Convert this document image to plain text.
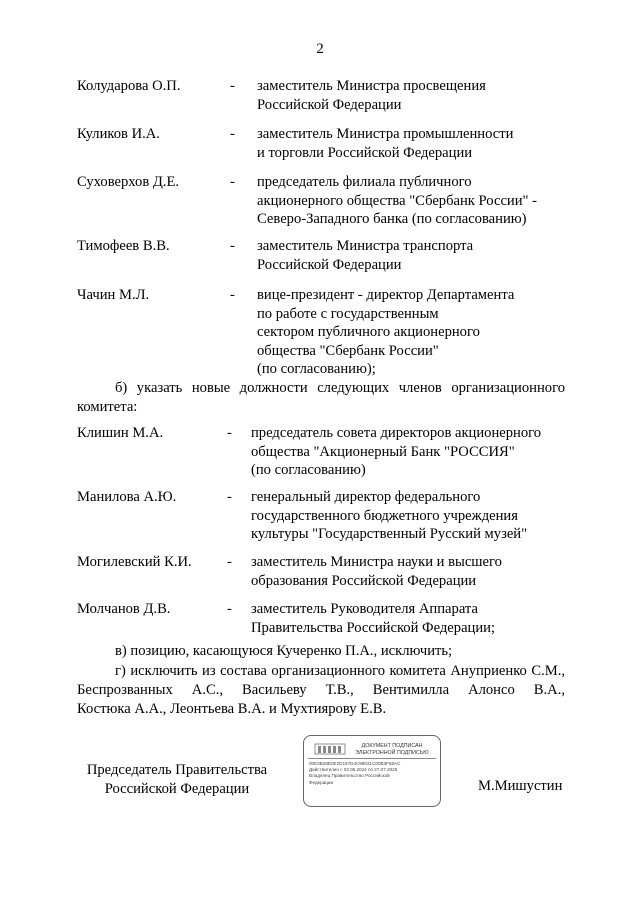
2
Колударова О.П.	- заместитель Министра просвещения
Российской Федерации
Куликов И.А.	- заместитель Министра промышленности
и торговли Российской Федерации
Суховерхов Д.Е.	- председатель филиала публичного
акционерного общества "Сбербанк России" -
Северо-Западного банка (по согласованию)
Тимофеев В.В.	- заместитель Министра транспорта
Российской Федерации
Чачин М.Л.	- вице-президент - директор Департамента
по работе с государственным
сектором публичного акционерного
общества "Сбербанк России"
(по согласованию);
б) указать новые должности следующих членов организационного
комитета:
Клишин М.А.	- председатель совета директоров акционерного
общества "Акционерный Банк "РОССИЯ"
(по согласованию)
Манилова А.Ю.	- генеральный директор федерального
государственного бюджетного учреждения
культуры "Государственный Русский музей"
Могилевский К.И. - заместитель Министра науки и высшего
образования Российской Федерации
Молчанов Д.В.	- заместитель Руководителя Аппарата
Правительства Российской Федерации;
в) позицию, касающуюся Кучеренко П.А., исключить;
г) исключить из состава организационного комитета Ануприенко С.М.,
Беспрозванных А.С., Васильеву Т.В., Вентимилла Алонсо В.А.,
Костюка А.А., Леонтьева В.А. и Мухтиярову Е.В.
Председатель Правительства
Российской Федерации
ДОКУМЕНТ ПОДПИСАН
ЭЛЕКТРОННОЙ ПОДПИСЬЮ
00E3B28E0E2D197D4C98021C00B3F58AC
Действителен с 03.05.2024 по 27.07.2025
Владелец Правительство Российской
Федерации	М.Мишустин
